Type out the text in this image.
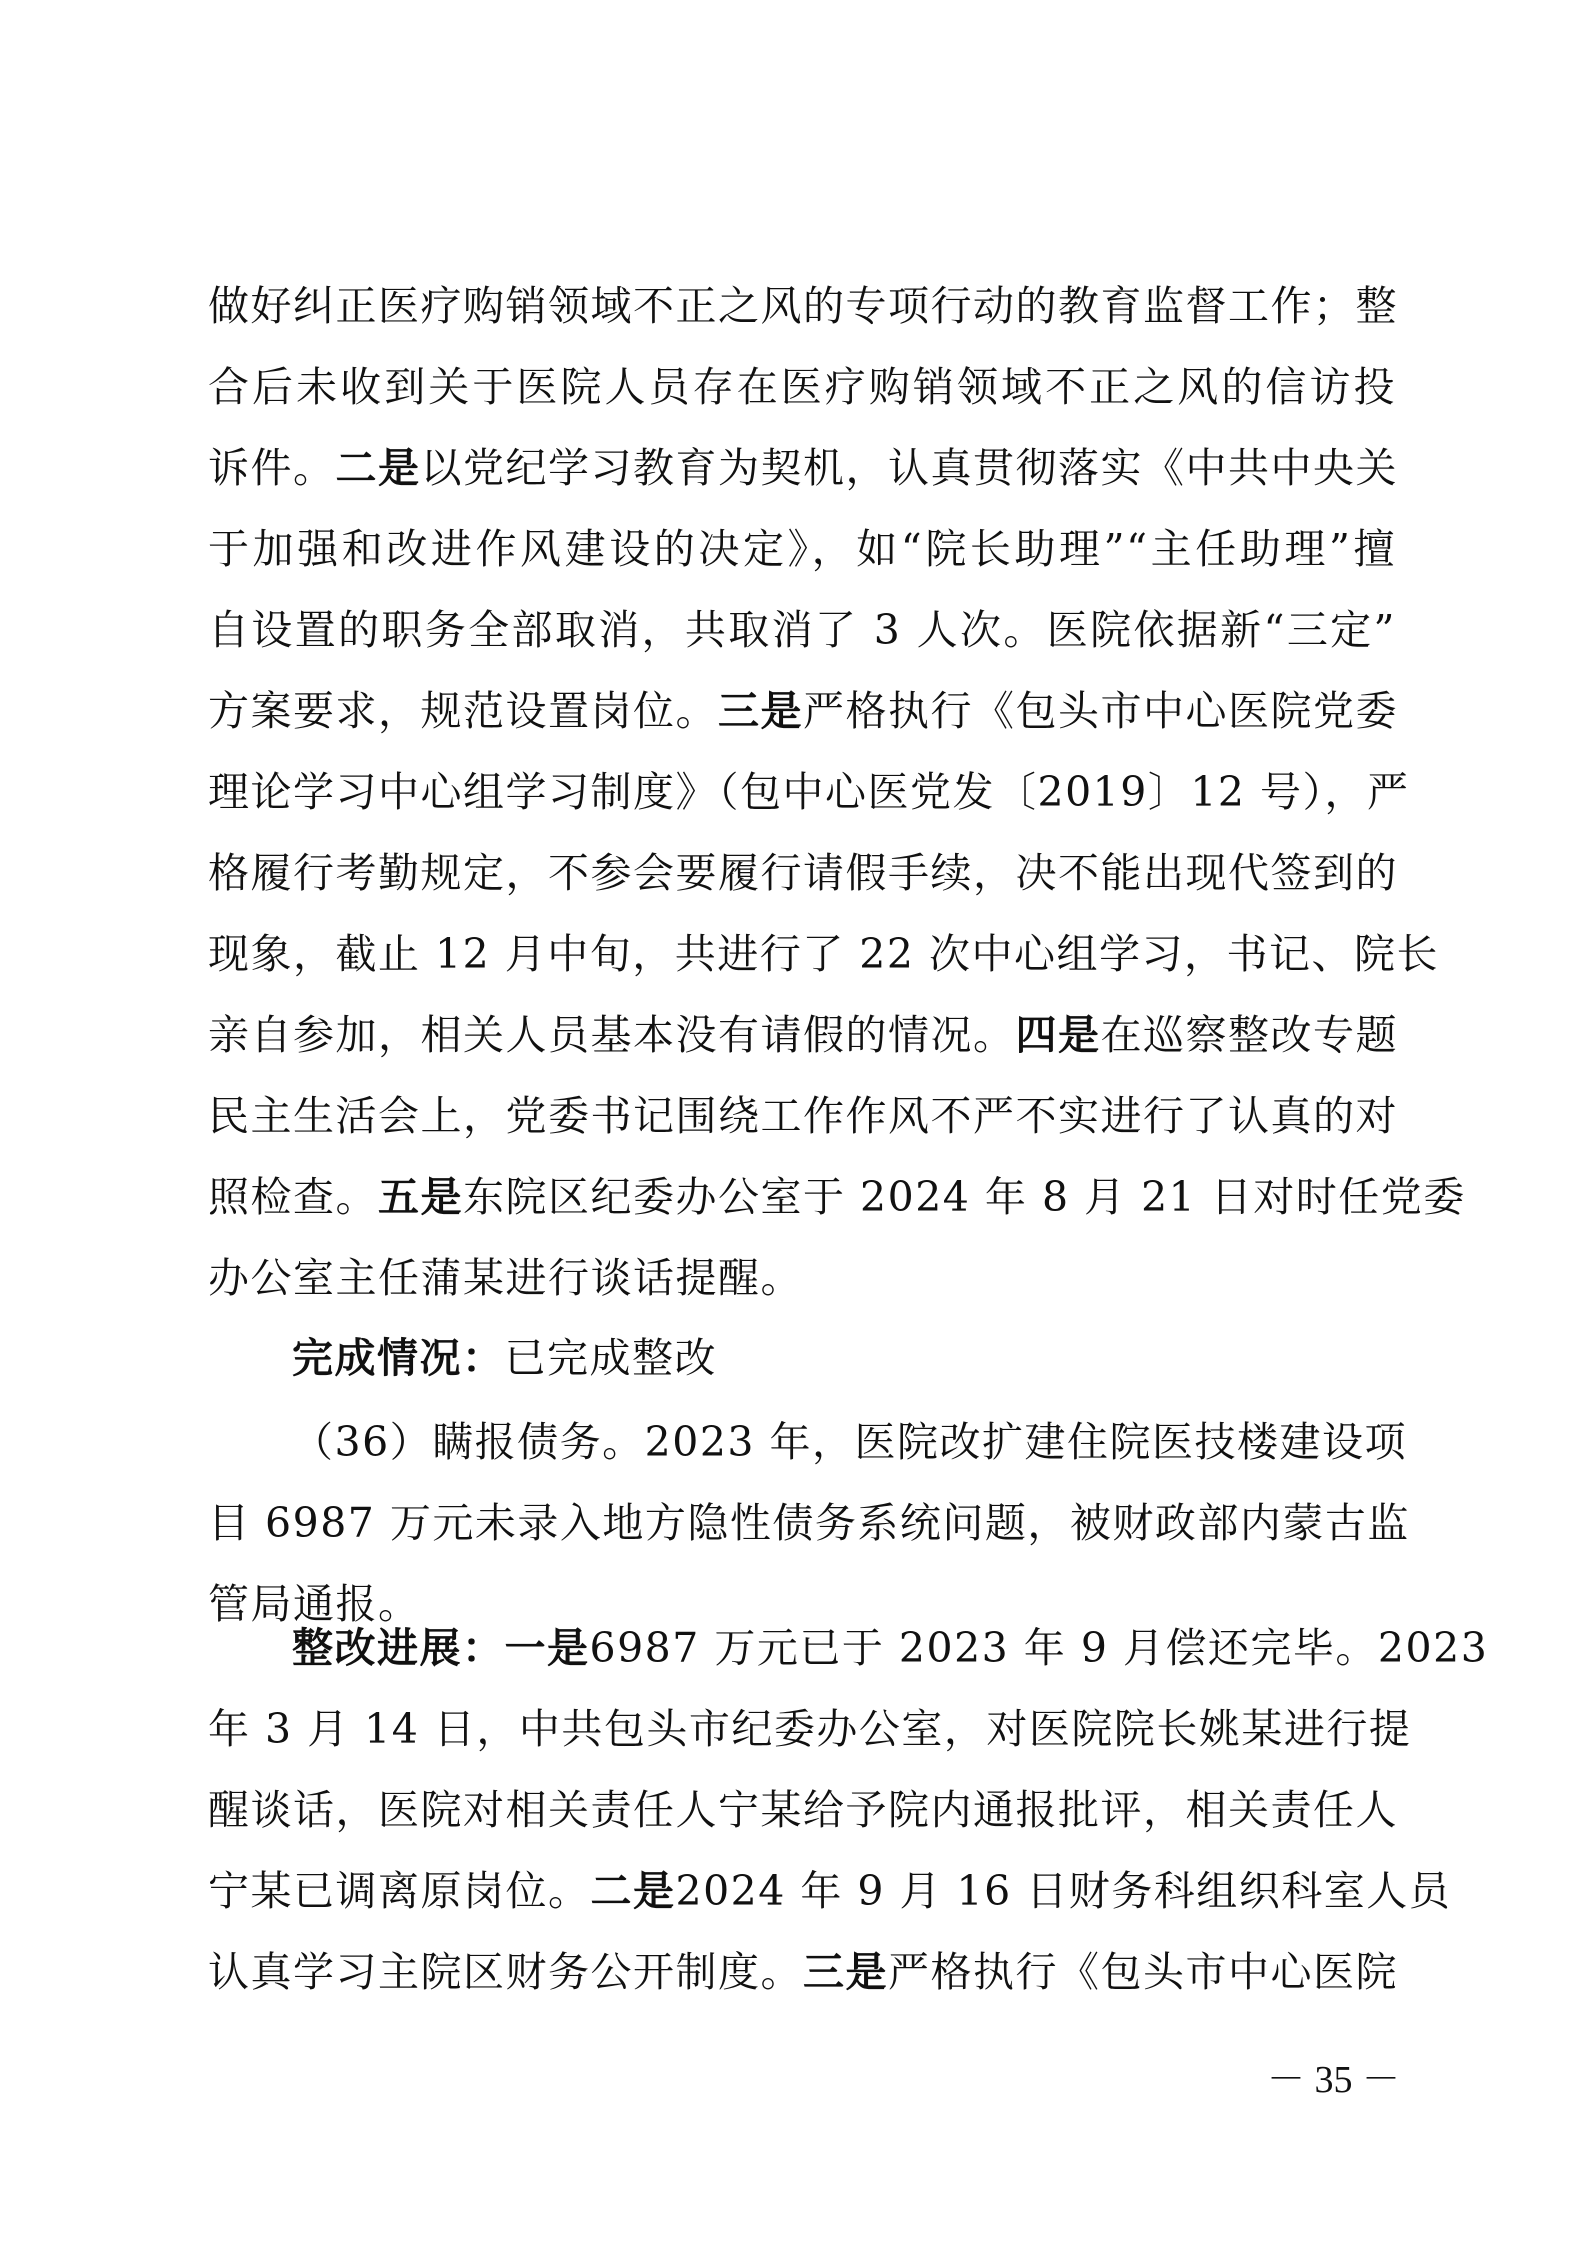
做好纠正医疗购销领域不正之风的专项行动的教育监督工作；整
合后未收到关于医院人员存在医疗购销领域不正之风的信访投
诉件。二是以党纪学习教育为契机，认真贯彻落实《中共中央关
于加强和改进作风建设的决定》，如“院长助理”“主任助理”擅
自设置的职务全部取消，共取消了 3 人次。医院依据新“三定”
方案要求，规范设置岗位。三是严格执行《包头市中心医院党委
理论学习中心组学习制度》（包中心医党发〔2019〕12 号），严
格履行考勤规定，不参会要履行请假手续，决不能出现代签到的
现象，截止 12 月中旬，共进行了 22 次中心组学习，书记、院长
亲自参加，相关人员基本没有请假的情况。四是在巡察整改专题
民主生活会上，党委书记围绕工作作风不严不实进行了认真的对
照检查。五是东院区纪委办公室于 2024 年 8 月 21 日对时任党委
办公室主任蒲某进行谈话提醒。
完成情况：已完成整改
（36）瞒报债务。2023 年，医院改扩建住院医技楼建设项
目 6987 万元未录入地方隐性债务系统问题，被财政部内蒙古监
管局通报。
整改进展：一是6987 万元已于 2023 年 9 月偿还完毕。2023
年 3 月 14 日，中共包头市纪委办公室，对医院院长姚某进行提
醒谈话，医院对相关责任人宁某给予院内通报批评，相关责任人
宁某已调离原岗位。二是2024 年 9 月 16 日财务科组织科室人员
认真学习主院区财务公开制度。三是严格执行《包头市中心医院
－ 35 －
